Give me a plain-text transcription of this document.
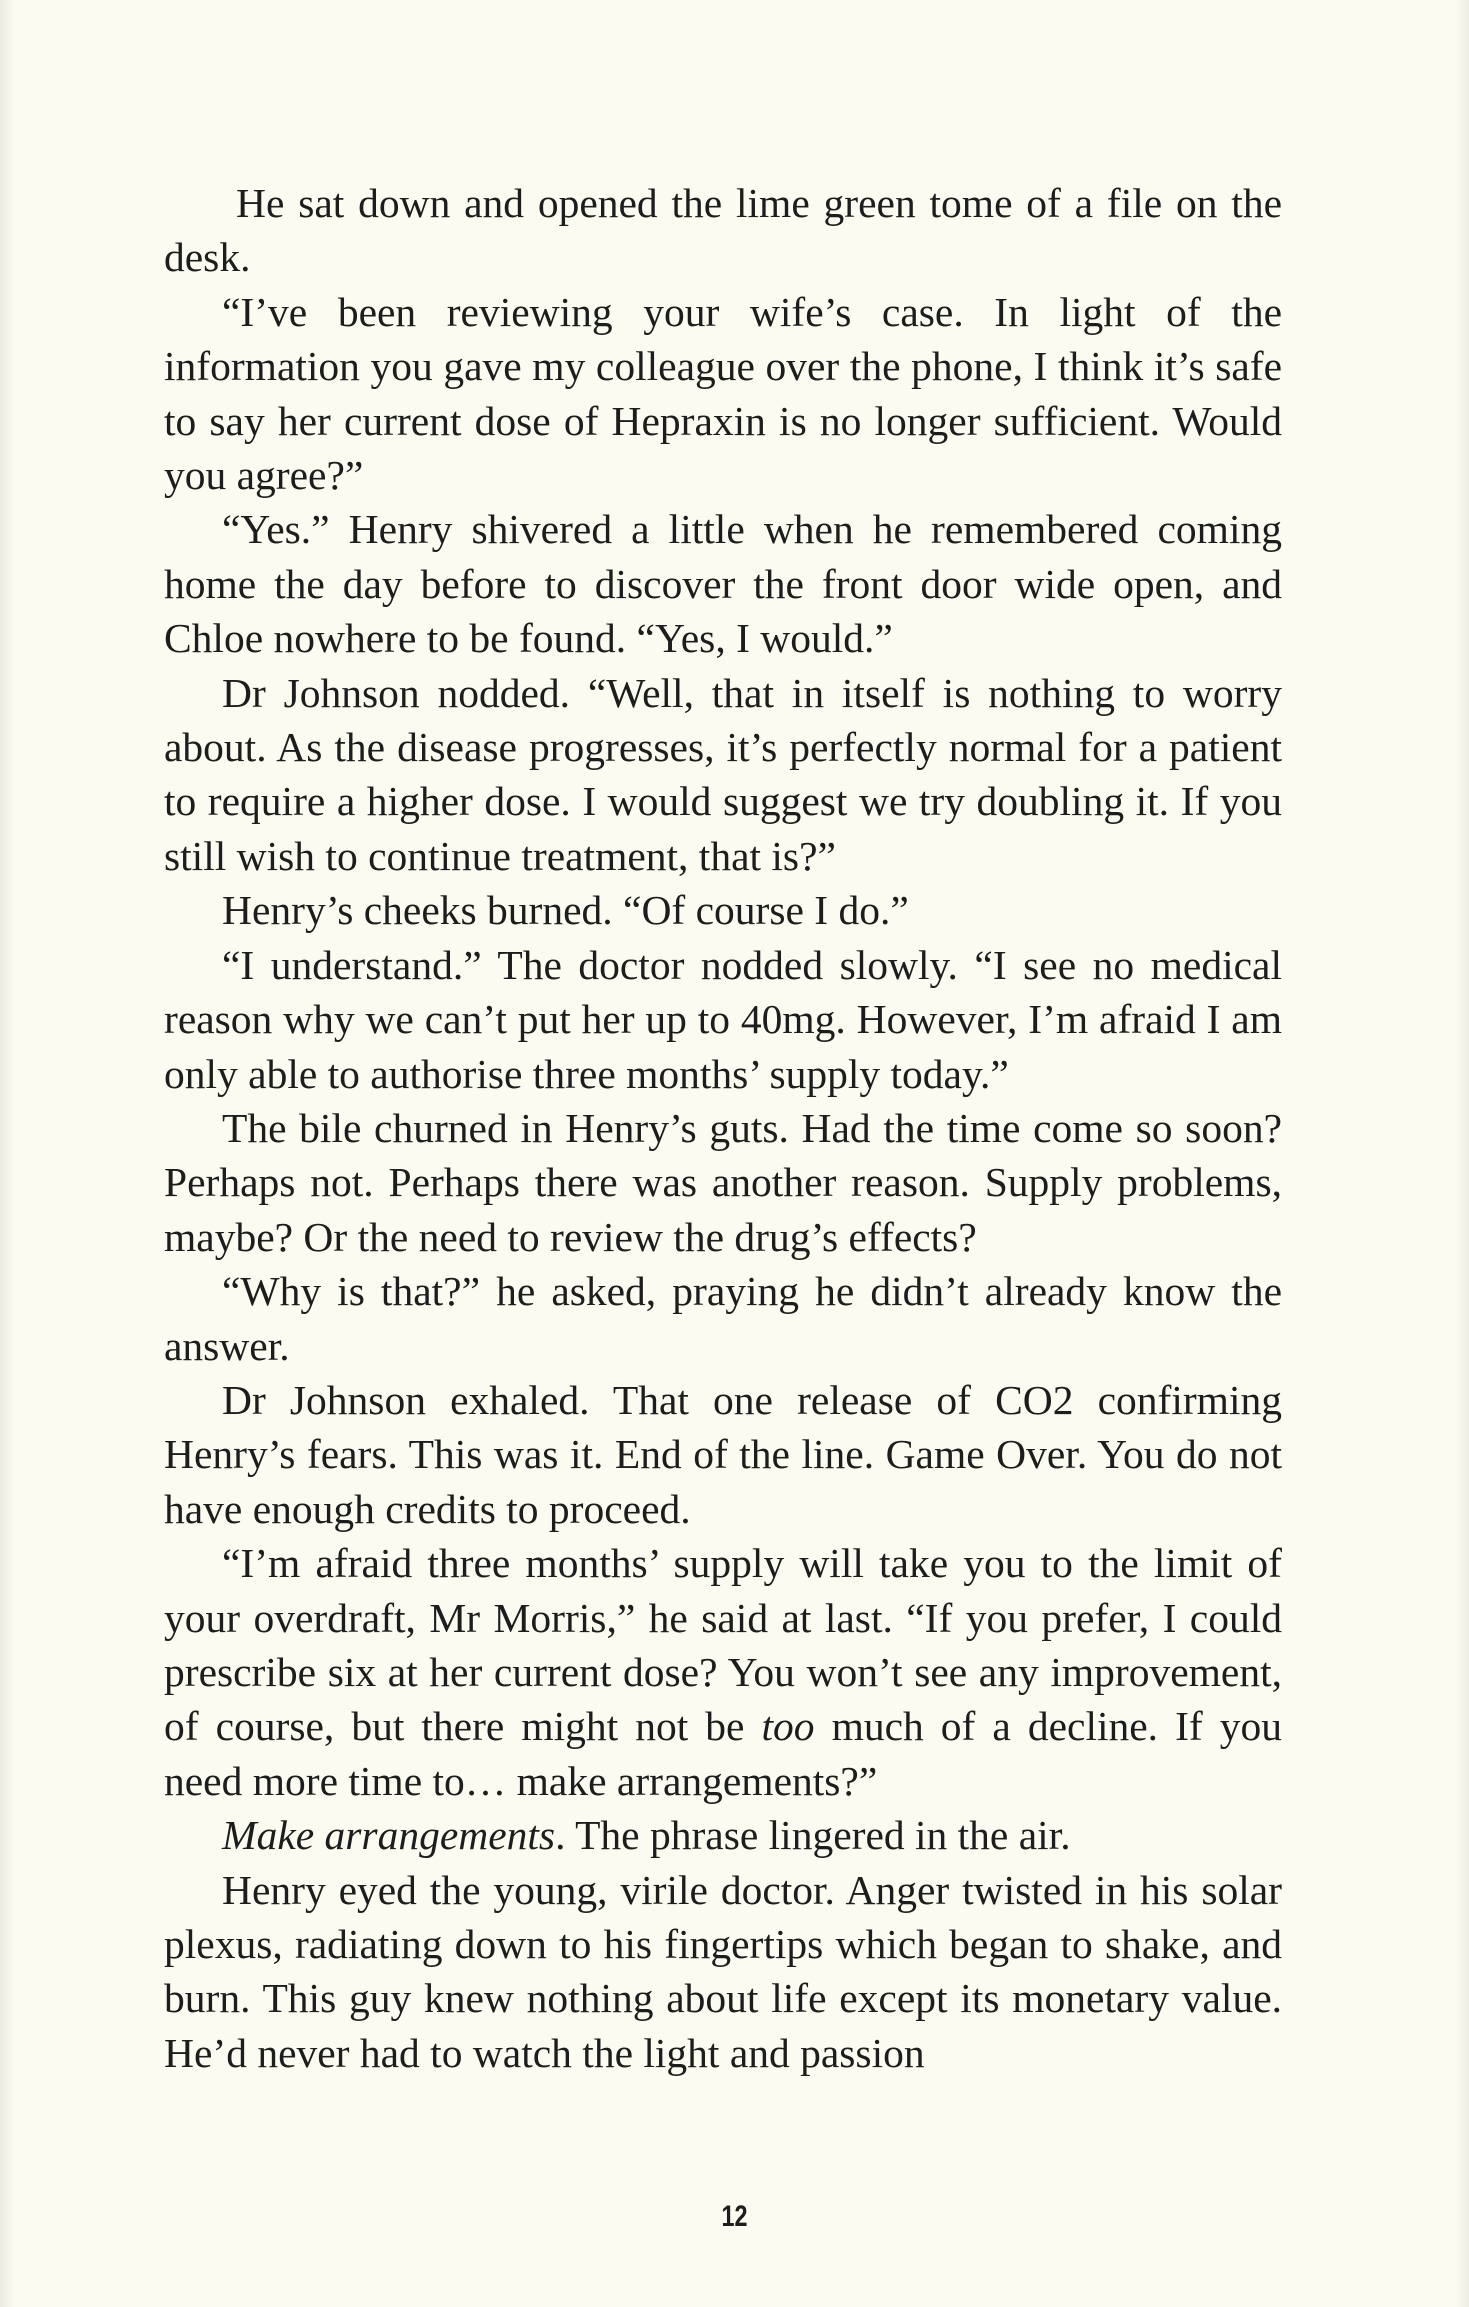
He sat down and opened the lime green tome of a file on the desk.

“I’ve been reviewing your wife’s case. In light of the information you gave my colleague over the phone, I think it’s safe to say her current dose of Hepraxin is no longer sufficient. Would you agree?”

“Yes.” Henry shivered a little when he remembered coming home the day before to discover the front door wide open, and Chloe nowhere to be found. “Yes, I would.”

Dr Johnson nodded. “Well, that in itself is nothing to worry about. As the disease progresses, it’s perfectly normal for a patient to require a higher dose. I would suggest we try doubling it. If you still wish to continue treatment, that is?”

Henry’s cheeks burned. “Of course I do.”

“I understand.” The doctor nodded slowly. “I see no medical reason why we can’t put her up to 40mg. However, I’m afraid I am only able to authorise three months’ supply today.”

The bile churned in Henry’s guts. Had the time come so soon? Perhaps not. Perhaps there was another reason. Supply problems, maybe? Or the need to review the drug’s effects?

“Why is that?” he asked, praying he didn’t already know the answer.

Dr Johnson exhaled. That one release of CO2 confirming Henry’s fears. This was it. End of the line. Game Over. You do not have enough credits to proceed.

“I’m afraid three months’ supply will take you to the limit of your overdraft, Mr Morris,” he said at last. “If you prefer, I could prescribe six at her current dose? You won’t see any improvement, of course, but there might not be too much of a decline. If you need more time to… make arrangements?”

Make arrangements. The phrase lingered in the air.

Henry eyed the young, virile doctor. Anger twisted in his solar plexus, radiating down to his fingertips which began to shake, and burn. This guy knew nothing about life except its monetary value. He’d never had to watch the light and passion

12
